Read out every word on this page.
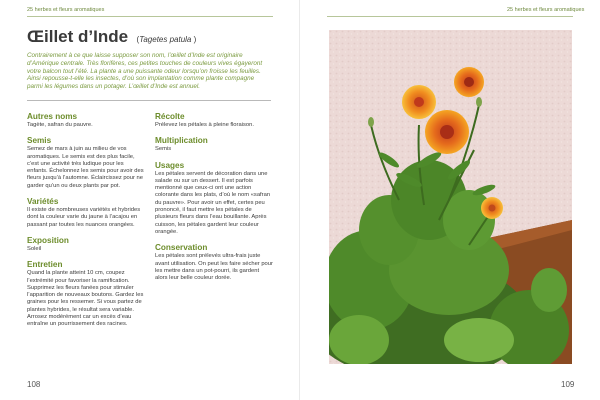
25 herbes et fleurs aromatiques
Œillet d’Inde (Tagetes patula )
Contrairement à ce que laisse supposer son nom, l’œillet d’Inde est originaire d’Amérique centrale. Très florifères, ces petites touches de couleurs vives égayeront votre balcon tout l’été. La plante a une puissante odeur lorsqu’on froisse les feuilles. Ainsi repousse-t-elle les insectes, d’où son implantation comme plante compagne parmi les légumes dans un potager. L’œillet d’Inde est annuel.
Autres noms

Tagète, safran du pauvre.

Semis

Semez de mars à juin au milieu de vos aromatiques. Le semis est des plus facile, c’est une activité très ludique pour les enfants. Échelonnez les semis pour avoir des fleurs jusqu’à l’automne. Éclaircissez pour ne garder qu’un ou deux plants par pot.

Variétés

Il existe de nombreuses variétés et hybrides dont la couleur varie du jaune à l’acajou en passant par toutes les nuances orangées.

Exposition

Soleil

Entretien

Quand la plante atteint 10 cm, coupez l’extrémité pour favoriser la ramification. Supprimez les fleurs fanées pour stimuler l’apparition de nouveaux boutons. Gardez les graines pour les ressemer. Si vous partez de plantes hybrides, le résultat sera variable. Arrosez modérément car un excès d’eau entraîne un pourrissement des racines.

Récolte

Prélevez les pétales à pleine floraison.

Multiplication

Semis

Usages

Les pétales servent de décoration dans une salade ou sur un dessert. Il est parfois mentionné que ceux-ci ont une action colorante dans les plats, d’où le nom «safran du pauvre». Pour avoir un effet, certes peu prononcé, il faut mettre les pétales de plusieurs fleurs dans l’eau bouillante. Après cuisson, les pétales gardent leur couleur orangée.

Conservation

Les pétales sont prélevés ultra-frais juste avant utilisation. On peut les faire sécher pour les mettre dans un pot-pourri, ils gardent alors leur belle couleur dorée.

108
25 herbes et fleurs aromatiques
109
